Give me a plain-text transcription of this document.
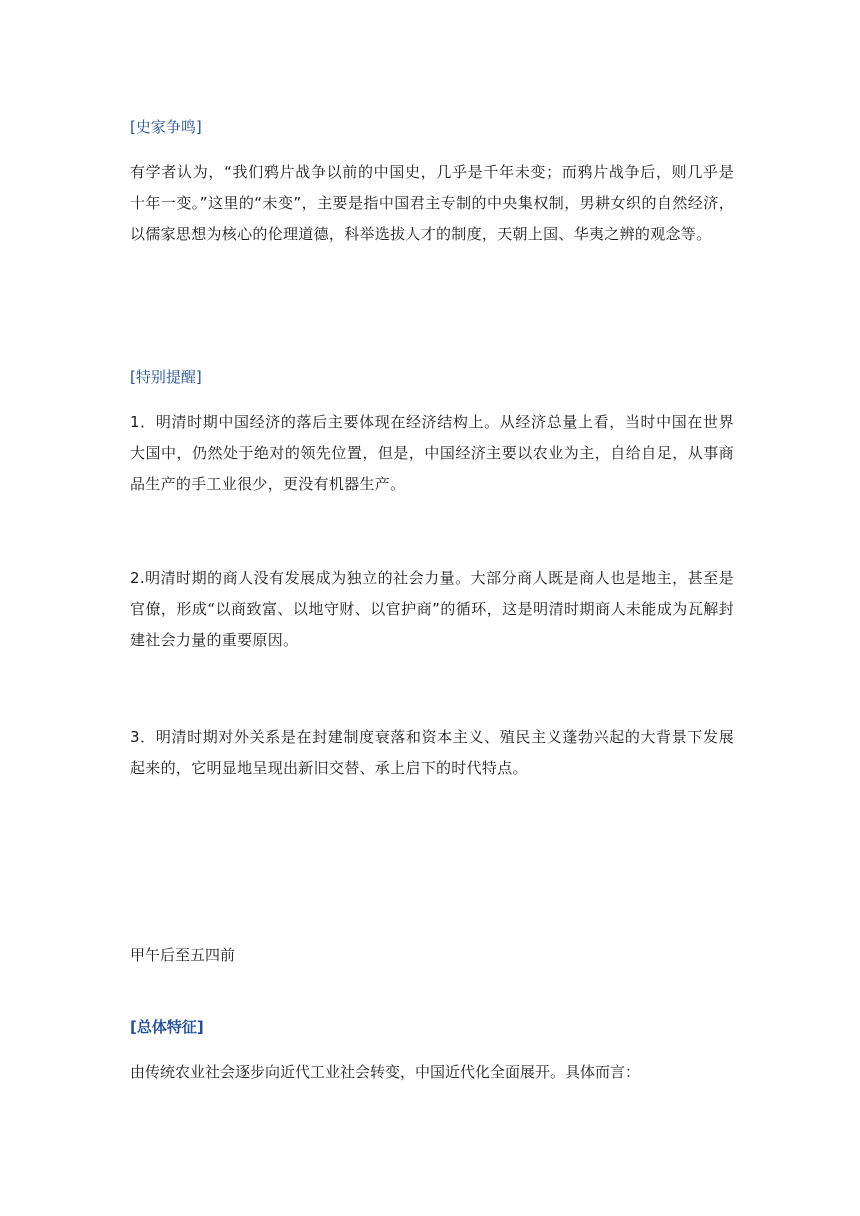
[史家争鸣]
有学者认为，“我们鸦片战争以前的中国史，几乎是千年未变；而鸦片战争后，则几乎是十年一变。”这里的“未变”，主要是指中国君主专制的中央集权制，男耕女织的自然经济，以儒家思想为核心的伦理道德，科举选拔人才的制度，天朝上国、华夷之辨的观念等。
[特别提醒]
1．明清时期中国经济的落后主要体现在经济结构上。从经济总量上看，当时中国在世界大国中，仍然处于绝对的领先位置，但是，中国经济主要以农业为主，自给自足，从事商品生产的手工业很少，更没有机器生产。
2.明清时期的商人没有发展成为独立的社会力量。大部分商人既是商人也是地主，甚至是官僚，形成“以商致富、以地守财、以官护商”的循环，这是明清时期商人未能成为瓦解封建社会力量的重要原因。
3．明清时期对外关系是在封建制度衰落和资本主义、殖民主义蓬勃兴起的大背景下发展起来的，它明显地呈现出新旧交替、承上启下的时代特点。
甲午后至五四前
[总体特征]
由传统农业社会逐步向近代工业社会转变，中国近代化全面展开。具体而言：
